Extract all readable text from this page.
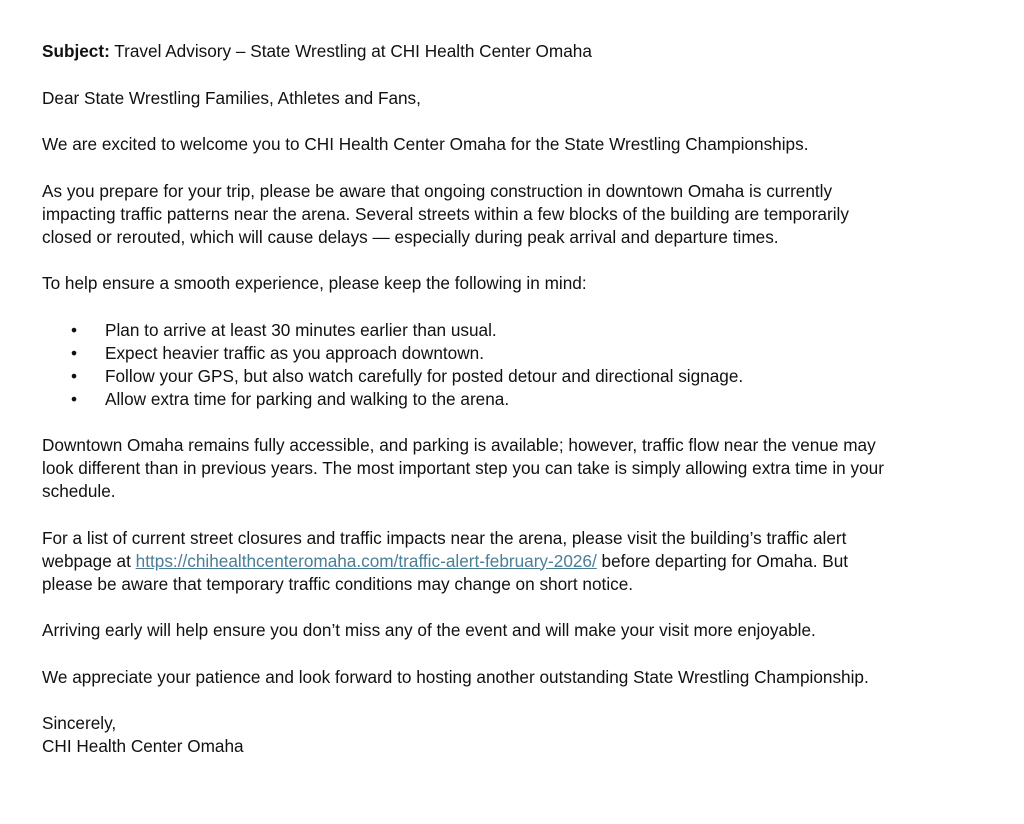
Subject: Travel Advisory – State Wrestling at CHI Health Center Omaha

Dear State Wrestling Families, Athletes and Fans,

We are excited to welcome you to CHI Health Center Omaha for the State Wrestling Championships.

As you prepare for your trip, please be aware that ongoing construction in downtown Omaha is currently
impacting traffic patterns near the arena. Several streets within a few blocks of the building are temporarily
closed or rerouted, which will cause delays — especially during peak arrival and departure times.

To help ensure a smooth experience, please keep the following in mind:

• Plan to arrive at least 30 minutes earlier than usual.
• Expect heavier traffic as you approach downtown.
• Follow your GPS, but also watch carefully for posted detour and directional signage.
• Allow extra time for parking and walking to the arena.

Downtown Omaha remains fully accessible, and parking is available; however, traffic flow near the venue may
look different than in previous years. The most important step you can take is simply allowing extra time in your
schedule.

For a list of current street closures and traffic impacts near the arena, please visit the building’s traffic alert
webpage at https://chihealthcenteromaha.com/traffic-alert-february-2026/ before departing for Omaha. But
please be aware that temporary traffic conditions may change on short notice.

Arriving early will help ensure you don’t miss any of the event and will make your visit more enjoyable.

We appreciate your patience and look forward to hosting another outstanding State Wrestling Championship.

Sincerely,
CHI Health Center Omaha
